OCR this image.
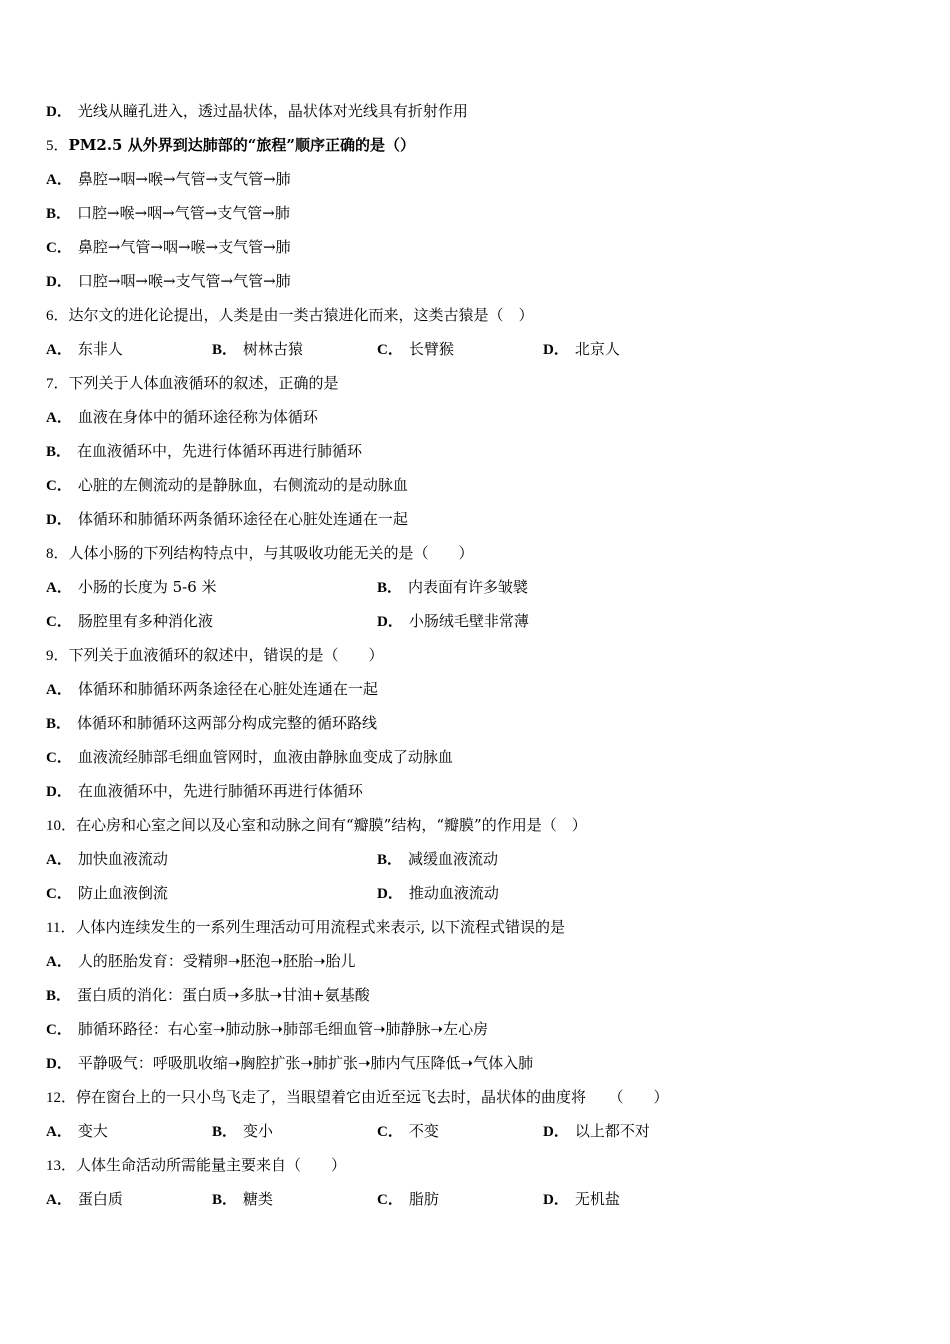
D． 光线从瞳孔进入，透过晶状体，晶状体对光线具有折射作用
5．PM2.5 从外界到达肺部的“旅程”顺序正确的是（）
A． 鼻腔→咽→喉→气管→支气管→肺
B． 口腔→喉→咽→气管→支气管→肺
C． 鼻腔→气管→咽→喉→支气管→肺
D． 口腔→咽→喉→支气管→气管→肺
6．达尔文的进化论提出，人类是由一类古猿进化而来，这类古猿是（　）
A． 东非人	B． 树林古猿	C． 长臂猴	D． 北京人
7．下列关于人体血液循环的叙述，正确的是
A． 血液在身体中的循环途径称为体循环
B． 在血液循环中，先进行体循环再进行肺循环
C． 心脏的左侧流动的是静脉血，右侧流动的是动脉血
D． 体循环和肺循环两条循环途径在心脏处连通在一起
8．人体小肠的下列结构特点中，与其吸收功能无关的是（　　）
A． 小肠的长度为 5-6 米	B． 内表面有许多皱襞
C． 肠腔里有多种消化液	D． 小肠绒毛壁非常薄
9．下列关于血液循环的叙述中，错误的是（　　）
A． 体循环和肺循环两条途径在心脏处连通在一起
B． 体循环和肺循环这两部分构成完整的循环路线
C． 血液流经肺部毛细血管网时，血液由静脉血变成了动脉血
D． 在血液循环中，先进行肺循环再进行体循环
10．在心房和心室之间以及心室和动脉之间有“瓣膜”结构，“瓣膜”的作用是（　）
A． 加快血液流动	B． 减缓血液流动
C． 防止血液倒流	D． 推动血液流动
11．人体内连续发生的一系列生理活动可用流程式来表示, 以下流程式错误的是
A． 人的胚胎发育：受精卵➝胚泡➝胚胎➝胎儿
B． 蛋白质的消化：蛋白质➝多肽➝甘油+氨基酸
C． 肺循环路径：右心室➝肺动脉➝肺部毛细血管➝肺静脉➝左心房
D． 平静吸气：呼吸肌收缩➝胸腔扩张➝肺扩张➝肺内气压降低➝气体入肺
12．停在窗台上的一只小鸟飞走了，当眼望着它由近至远飞去时，晶状体的曲度将　　（　　）
A． 变大	B． 变小	C． 不变	D． 以上都不对
13．人体生命活动所需能量主要来自（　　）
A． 蛋白质	B． 糖类	C． 脂肪	D． 无机盐
